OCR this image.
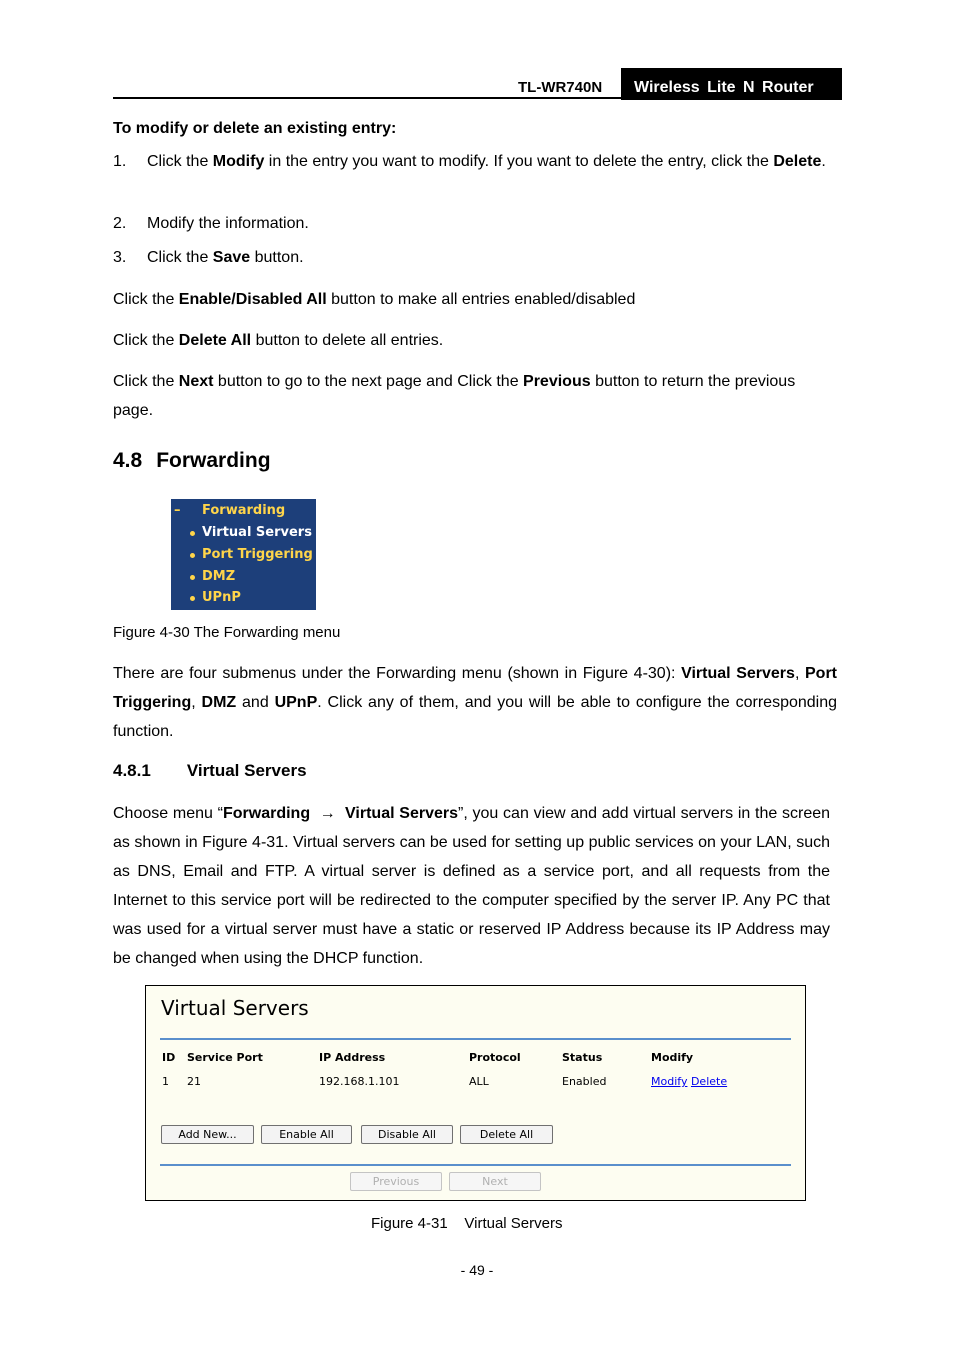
TL-WR740N	Wireless Lite N Router
To modify or delete an existing entry:
1. Click the Modify in the entry you want to modify. If you want to delete the entry, click the Delete.
2. Modify the information.
3. Click the Save button.
Click the Enable/Disabled All button to make all entries enabled/disabled
Click the Delete All button to delete all entries.
Click the Next button to go to the next page and Click the Previous button to return the previous page.
4.8 Forwarding
– Forwarding
Virtual Servers
Port Triggering
DMZ
UPnP
Figure 4-30 The Forwarding menu
There are four submenus under the Forwarding menu (shown in Figure 4-30): Virtual Servers, Port Triggering, DMZ and UPnP. Click any of them, and you will be able to configure the corresponding function.
4.8.1 Virtual Servers
Choose menu “Forwarding  →  Virtual Servers”, you can view and add virtual servers in the screen as shown in Figure 4-31. Virtual servers can be used for setting up public services on your LAN, such as DNS, Email and FTP. A virtual server is defined as a service port, and all requests from the Internet to this service port will be redirected to the computer specified by the server IP. Any PC that was used for a virtual server must have a static or reserved IP Address because its IP Address may be changed when using the DHCP function.
Virtual Servers
ID Service Port	IP Address	Protocol	Status	Modify
1 21	192.168.1.101	ALL	Enabled	Modify Delete
Add New...	Enable All	Disable All	Delete All
Previous	Next
Figure 4-31    Virtual Servers
- 49 -
